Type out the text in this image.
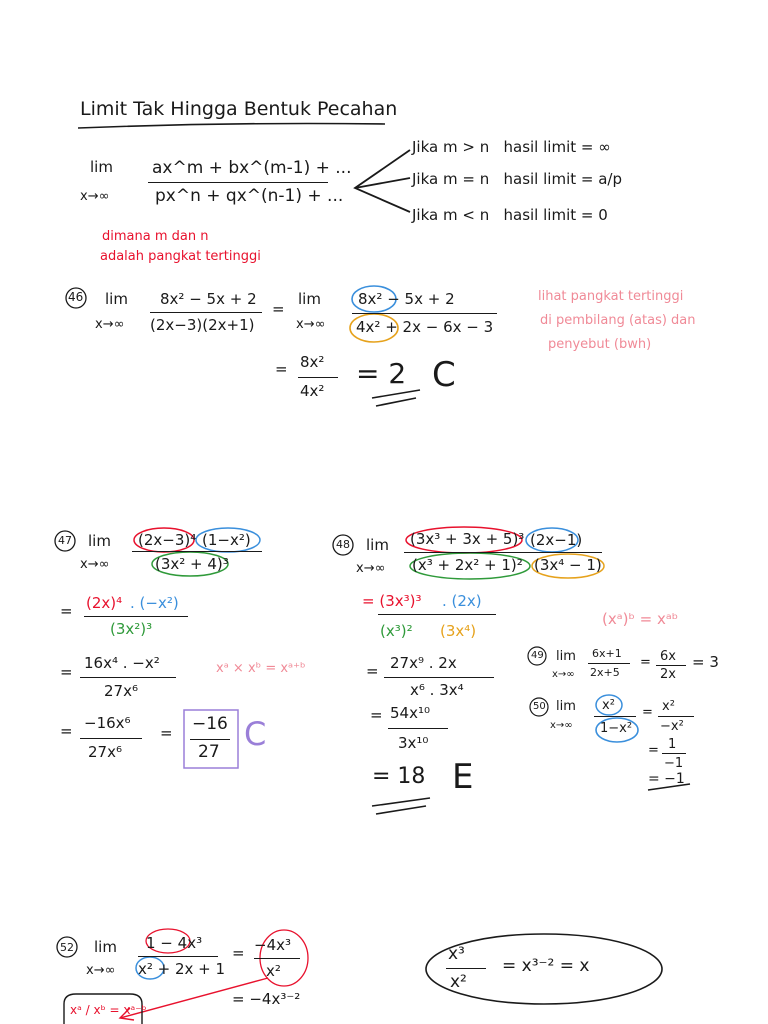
Limit Tak Hingga Bentuk Pecahan
lim
x→∞
ax^m + bx^(m-1) + ...
px^n + qx^(n-1) + ...
Jika m > n   hasil limit = ∞
Jika m = n   hasil limit = a/p
Jika m < n   hasil limit = 0
dimana m dan n
adalah pangkat tertinggi
46 lim
x→∞
8x² − 5x + 2
(2x−3)(2x+1)
=
lim
x→∞
8x² − 5x + 2
4x² + 2x − 6x − 3
= 8x²
4x²
= 2 C
lihat pangkat tertinggi
di pembilang (atas) dan
penyebut (bwh)
47 lim
x→∞
(2x−3)⁴ (1−x²)
(3x² + 4)³
= (2x)⁴ . (−x²)
(3x²)³
= 16x⁴ . −x²
27x⁶
xᵃ × xᵇ = xᵃ⁺ᵇ
= −16x⁶
27x⁶
= −16
27 C
48 lim
x→∞
(3x³ + 3x + 5)³ (2x−1)
(x³ + 2x² + 1)² (3x⁴ − 1)
= (3x³)³ . (2x)
(x³)² (3x⁴)
(xᵃ)ᵇ = xᵃᵇ
= 27x⁹ . 2x
x⁶ . 3x⁴
= 54x¹⁰
3x¹⁰
= 18 E
49 lim
x→∞
6x+1
2x+5
= 6x
2x
= 3
50 lim
x→∞
x²
1−x²
= x²
−x²
= 1
−1
= −1
52 lim
x→∞
1 − 4x³
x² + 2x + 1
= −4x³
x²
= −4x³⁻²
xᵃ / xᵇ = xᵃ⁻ᵇ
x³
x²
= x³⁻² = x
